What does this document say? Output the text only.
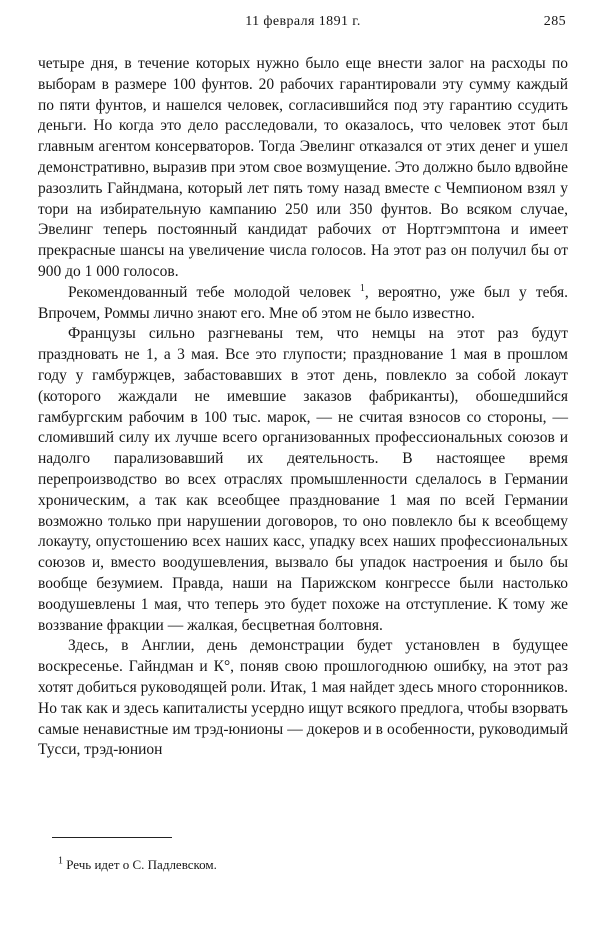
11 февраля 1891 г.	285

четыре дня, в течение которых нужно было еще внести залог на расходы по выборам в размере 100 фунтов. 20 рабочих гарантировали эту сумму каждый по пяти фунтов, и нашелся человек, согласившийся под эту гарантию ссудить деньги. Но когда это дело расследовали, то оказалось, что человек этот был главным агентом консерваторов. Тогда Эвелинг отказался от этих денег и ушел демонстративно, выразив при этом свое возмущение. Это должно было вдвойне разозлить Гайндмана, который лет пять тому назад вместе с Чемпионом взял у тори на избирательную кампанию 250 или 350 фунтов. Во всяком случае, Эвелинг теперь постоянный кандидат рабочих от Нортгэмптона и имеет прекрасные шансы на увеличение числа голосов. На этот раз он получил бы от 900 до 1 000 голосов.

Рекомендованный тебе молодой человек $^1$, вероятно, уже был у тебя. Впрочем, Роммы лично знают его. Мне об этом не было известно.

Французы сильно разгневаны тем, что немцы на этот раз будут праздновать не 1, а 3 мая. Все это глупости; празднование 1 мая в прошлом году у гамбуржцев, забастовавших в этот день, повлекло за собой локаут (которого жаждали не имевшие заказов фабриканты), обошедшийся гамбургским рабочим в 100 тыс. марок, — не считая взносов со стороны, — сломивший силу их лучше всего организованных профессиональных союзов и надолго парализовавший их деятельность. В настоящее время перепроизводство во всех отраслях промышленности сделалось в Германии хроническим, а так как всеобщее празднование 1 мая по всей Германии возможно только при нарушении договоров, то оно повлекло бы к всеобщему локауту, опустошению всех наших касс, упадку всех наших профессиональных союзов и, вместо воодушевления, вызвало бы упадок настроения и было бы вообще безумием. Правда, наши на Парижском конгрессе были настолько воодушевлены 1 мая, что теперь это будет похоже на отступление. К тому же воззвание фракции — жалкая, бесцветная болтовня.

Здесь, в Англии, день демонстрации будет установлен в будущее воскресенье. Гайндман и К°, поняв свою прошлогоднюю ошибку, на этот раз хотят добиться руководящей роли. Итак, 1 мая найдет здесь много сторонников. Но так как и здесь капиталисты усердно ищут всякого предлога, чтобы взорвать самые ненавистные им трэд-юнионы — докеров и в особенности, руководимый Тусси, трэд-юнион

$^1$ Речь идет о С. Падлевском.
